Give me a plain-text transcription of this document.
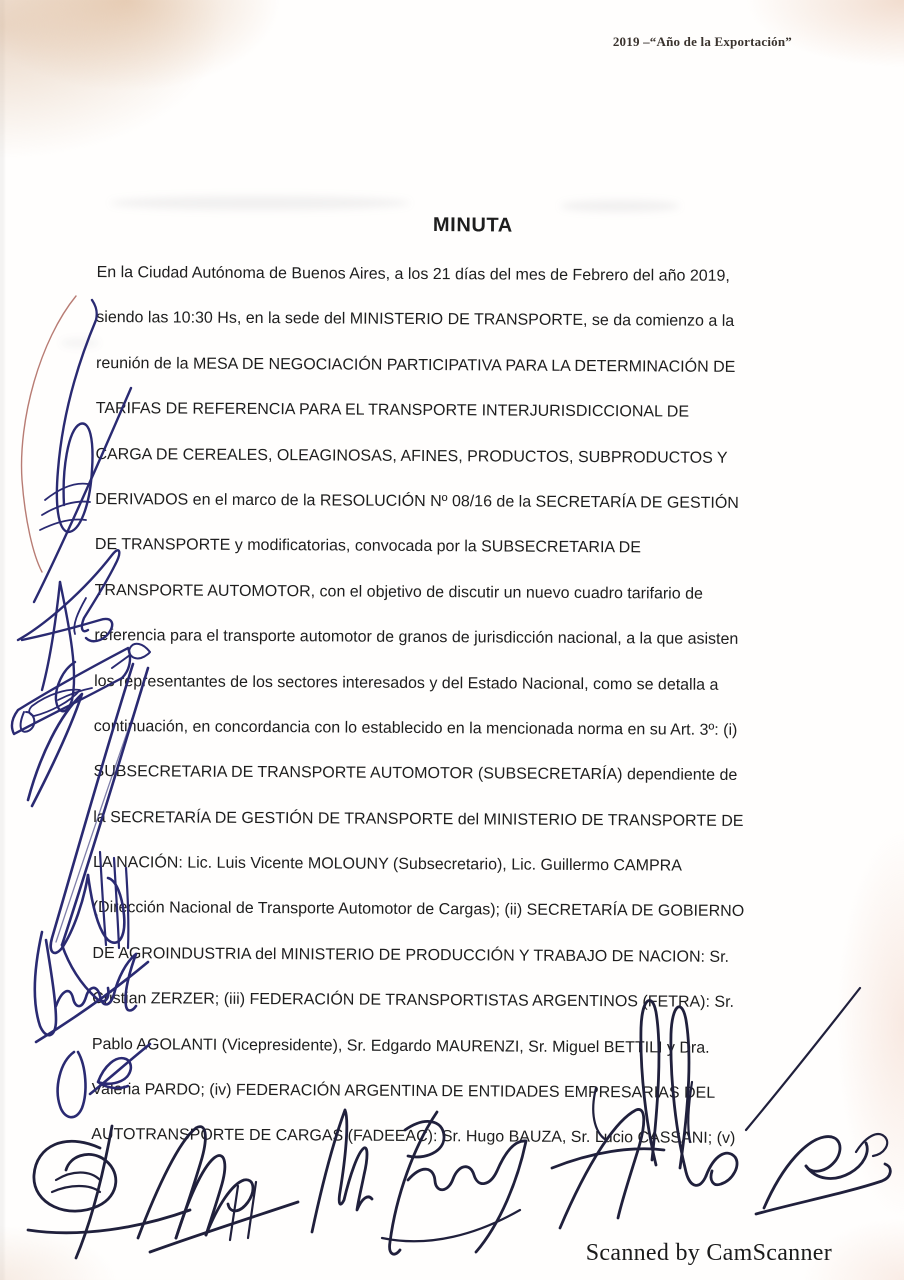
2019 –“Año de la Exportación”
MINUTA
En la Ciudad Autónoma de Buenos Aires, a los 21 días del mes de Febrero del año 2019,
siendo las 10:30 Hs, en la sede del MINISTERIO DE TRANSPORTE, se da comienzo a la
reunión de la MESA DE NEGOCIACIÓN PARTICIPATIVA PARA LA DETERMINACIÓN DE
TARIFAS DE REFERENCIA PARA EL TRANSPORTE INTERJURISDICCIONAL DE
CARGA DE CEREALES, OLEAGINOSAS, AFINES, PRODUCTOS, SUBPRODUCTOS Y
DERIVADOS en el marco de la RESOLUCIÓN Nº 08/16 de la SECRETARÍA DE GESTIÓN
DE TRANSPORTE y modificatorias, convocada por la SUBSECRETARIA DE
TRANSPORTE AUTOMOTOR, con el objetivo de discutir un nuevo cuadro tarifario de
referencia para el transporte automotor de granos de jurisdicción nacional, a la que asisten
los representantes de los sectores interesados y del Estado Nacional, como se detalla a
continuación, en concordancia con lo establecido en la mencionada norma en su Art. 3º: (i)
SUBSECRETARIA DE TRANSPORTE AUTOMOTOR (SUBSECRETARÍA) dependiente de
la SECRETARÍA DE GESTIÓN DE TRANSPORTE del MINISTERIO DE TRANSPORTE DE
LA NACIÓN: Lic. Luis Vicente MOLOUNY (Subsecretario), Lic. Guillermo CAMPRA
(Dirección Nacional de Transporte Automotor de Cargas); (ii) SECRETARÍA DE GOBIERNO
DE AGROINDUSTRIA del MINISTERIO DE PRODUCCIÓN Y TRABAJO DE NACION: Sr.
Cristian ZERZER; (iii) FEDERACIÓN DE TRANSPORTISTAS ARGENTINOS (FETRA): Sr.
Pablo AGOLANTI (Vicepresidente), Sr. Edgardo MAURENZI, Sr. Miguel BETTILI y Dra.
Valeria PARDO; (iv) FEDERACIÓN ARGENTINA DE ENTIDADES EMPRESARIAS DEL
AUTOTRANSPORTE DE CARGAS (FADEEAC): Sr. Hugo BAUZA, Sr. Lucio CASSANI; (v)
Scanned by CamScanner
